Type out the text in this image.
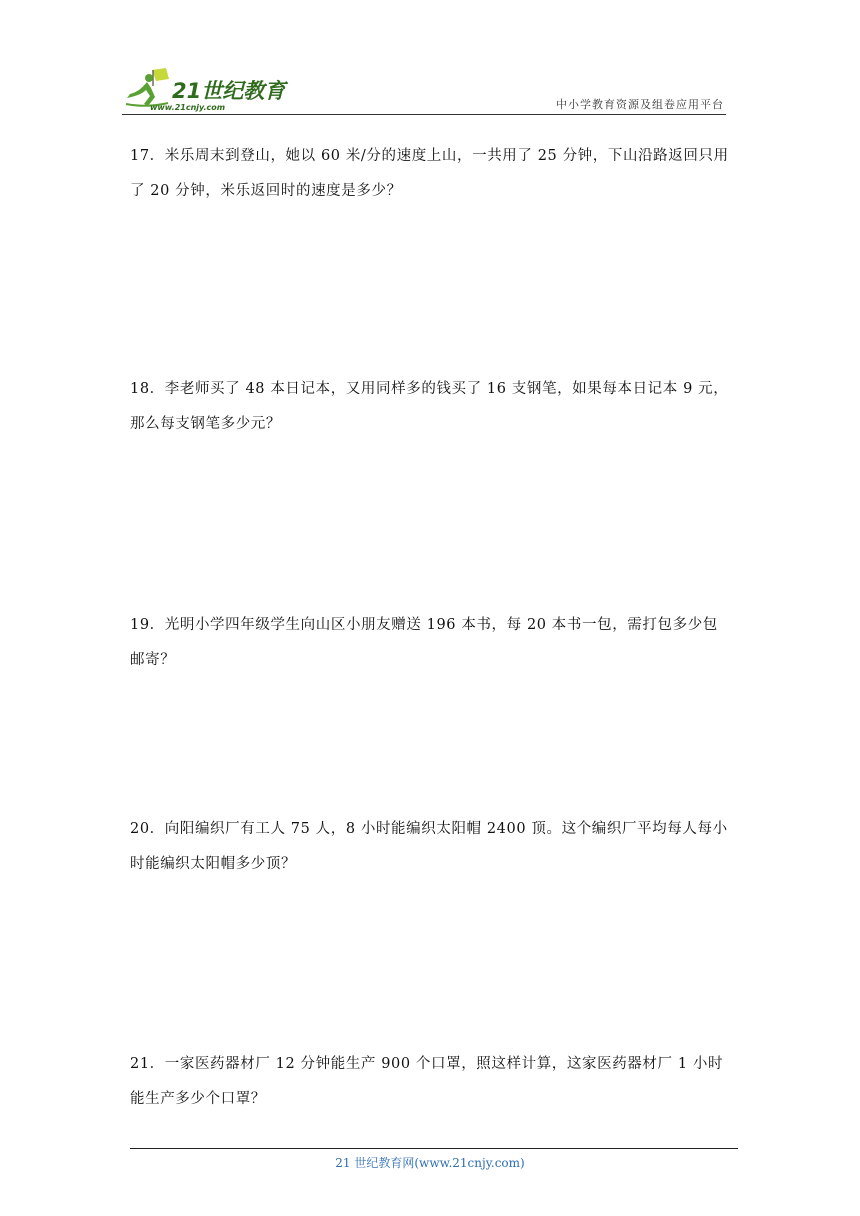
21世纪教育
www.21cnjy.com	中小学教育资源及组卷应用平台

17．米乐周末到登山，她以 60 米/分的速度上山，一共用了 25 分钟，下山沿路返回只用了 20 分钟，米乐返回时的速度是多少？

18．李老师买了 48 本日记本，又用同样多的钱买了 16 支钢笔，如果每本日记本 9 元，那么每支钢笔多少元？

19．光明小学四年级学生向山区小朋友赠送 196 本书，每 20 本书一包，需打包多少包邮寄？

20．向阳编织厂有工人 75 人，8 小时能编织太阳帽 2400 顶。这个编织厂平均每人每小时能编织太阳帽多少顶？

21．一家医药器材厂 12 分钟能生产 900 个口罩，照这样计算，这家医药器材厂 1 小时能生产多少个口罩？

21 世纪教育网(www.21cnjy.com)
